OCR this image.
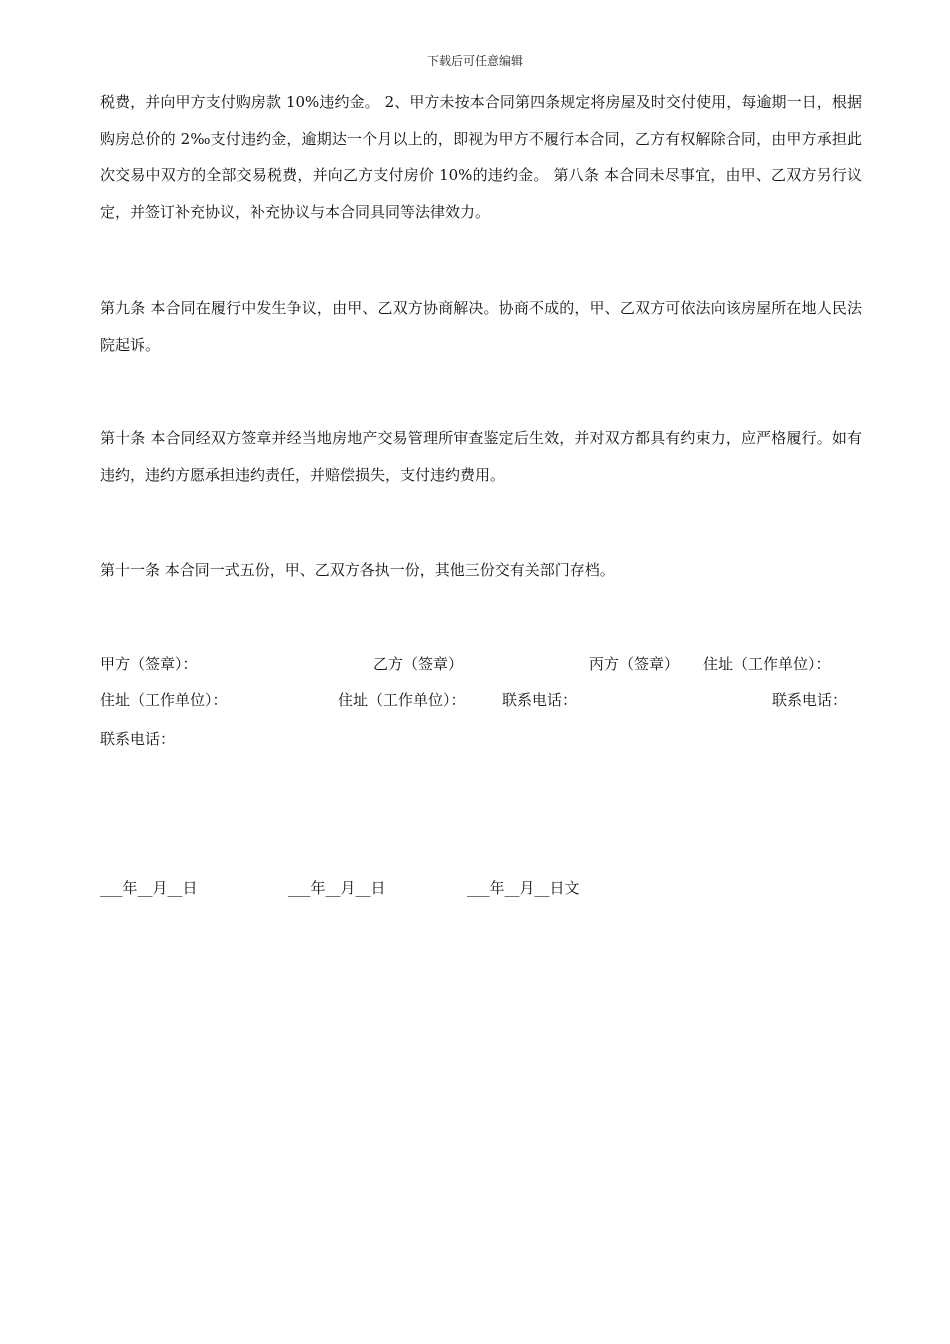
下载后可任意编辑

税费，并向甲方支付购房款 10%违约金。 2、甲方未按本合同第四条规定将房屋及时交付使用，每逾期一日，根据购房总价的 2‰支付违约金，逾期达一个月以上的，即视为甲方不履行本合同，乙方有权解除合同，由甲方承担此次交易中双方的全部交易税费，并向乙方支付房价 10%的违约金。 第八条 本合同未尽事宜，由甲、乙双方另行议定，并签订补充协议，补充协议与本合同具同等法律效力。

第九条 本合同在履行中发生争议，由甲、乙双方协商解决。协商不成的，甲、乙双方可依法向该房屋所在地人民法院起诉。

第十条 本合同经双方签章并经当地房地产交易管理所审查鉴定后生效，并对双方都具有约束力，应严格履行。如有违约，违约方愿承担违约责任，并赔偿损失，支付违约费用。

第十一条 本合同一式五份，甲、乙双方各执一份，其他三份交有关部门存档。

甲方（签章）：	乙方（签章）	丙方（签章） 住址（工作单位）：
住址（工作单位）：	住址（工作单位）： 联系电话：	联系电话：
联系电话：
___年__月__日	___年__月__日	___年__月__日文
